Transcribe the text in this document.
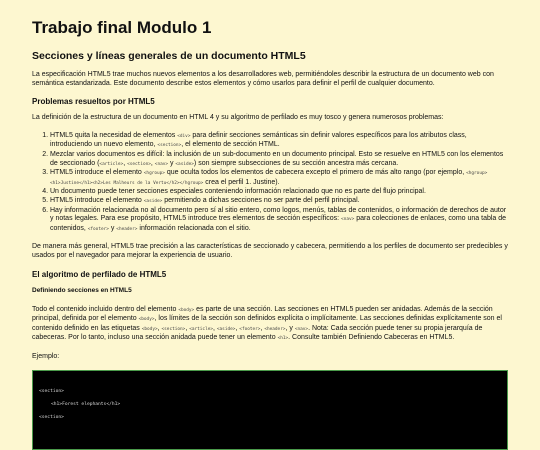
Trabajo final Modulo 1
Secciones y líneas generales de un documento HTML5

La especificación HTML5 trae muchos nuevos elementos a los desarrolladores web, permitiéndoles describir la estructura de un documento web con semántica estandarizada. Este documento describe estos elementos y cómo usarlos para definir el perfil de cualquier documento.

Problemas resueltos por HTML5

La definición de la estructura de un documento en HTML 4 y su algoritmo de perfilado es muy tosco y genera numerosos problemas:

1. HTML5 quita la necesidad de elementos <div> para definir secciones semánticas sin definir valores específicos para los atributos class, introduciendo un nuevo elemento, <section>, el elemento de sección HTML.
2. Mezclar varios documentos es difícil: la inclusión de un sub-documento en un documento principal. Esto se resuelve en HTML5 con los elementos de seccionado (<article>, <section>, <nav> y <aside>) son siempre subsecciones de su sección ancestra más cercana.
3. HTML5 introduce el elemento <hgroup> que oculta todos los elementos de cabecera excepto el primero de más alto rango (por ejemplo, <hgroup> <h1>Justine</h1><h2>Les Malheurs de la Vertu</h2></hgroup> crea el perfil 1. Justine).
4. Un documento puede tener secciones especiales conteniendo información relacionado que no es parte del flujo principal.
5. HTML5 introduce el elemento <aside> permitiendo a dichas secciones no ser parte del perfil principal.
6. Hay información relacionada no al documento pero sí al sitio entero, como logos, menús, tablas de contenidos, o información de derechos de autor y notas legales. Para ese propósito, HTML5 introduce tres elementos de sección específicos: <nav> para colecciones de enlaces, como una tabla de contenidos, <footer> y <header> información relacionada con el sitio.

De manera más general, HTML5 trae precisión a las características de seccionado y cabecera, permitiendo a los perfiles de documento ser predecibles y usados por el navegador para mejorar la experiencia de usuario.

El algoritmo de perfilado de HTML5
Definiendo secciones en HTML5

Todo el contenido incluido dentro del elemento <body> es parte de una sección. Las secciones en HTML5 pueden ser anidadas. Además de la sección principal, definida por el elemento <body>, los límites de la sección son definidos explícita o implícitamente. Las secciones definidas explícitamente son el contenido definido en las etiquetas <body>, <section>, <article>, <aside>, <footer>, <header>, y <nav>. Nota: Cada sección puede tener su propia jerarquía de cabeceras. Por lo tanto, incluso una sección anidada puede tener un elemento <h1>. Consulte también Definiendo Cabeceras en HTML5.

Ejemplo:

<section>
<h1>Forest elephants</h1>
<section>
